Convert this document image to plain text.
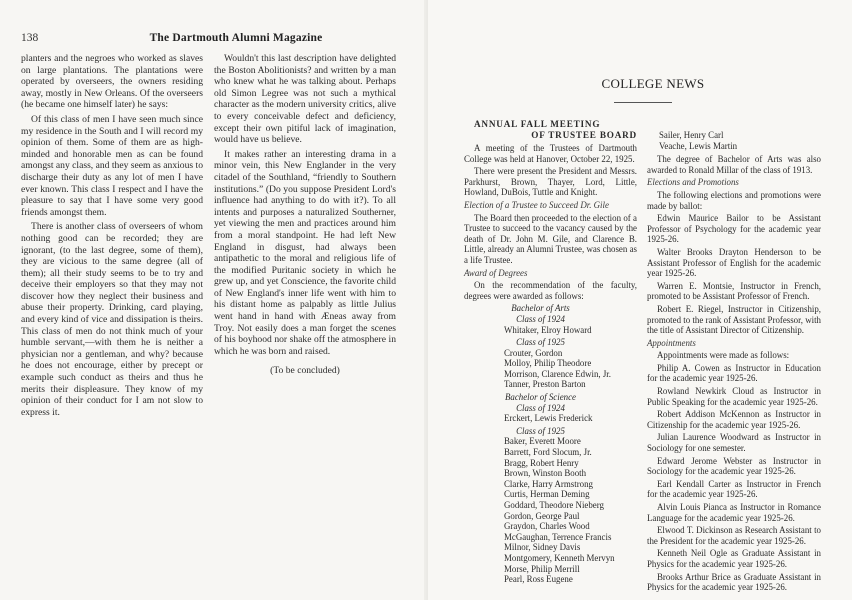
138	The Dartmouth Alumni Magazine

planters and the negroes who worked as slaves on large plantations. The plantations were operated by overseers, the owners residing away, mostly in New Orleans. Of the overseers (he became one himself later) he says:

Of this class of men I have seen much since my residence in the South and I will record my opinion of them. Some of them are as high-minded and honorable men as can be found amongst any class, and they seem as anxious to discharge their duty as any lot of men I have ever known. This class I respect and I have the pleasure to say that I have some very good friends amongst them.

There is another class of overseers of whom nothing good can be recorded; they are ignorant, (to the last degree, some of them), they are vicious to the same degree (all of them); all their study seems to be to try and deceive their employers so that they may not discover how they neglect their business and abuse their property. Drinking, card playing, and every kind of vice and dissipation is theirs. This class of men do not think much of your humble servant,—with them he is neither a physician nor a gentleman, and why? because he does not encourage, either by precept or example such conduct as theirs and thus he merits their displeasure. They know of my opinion of their conduct for I am not slow to express it.

Wouldn't this last description have delighted the Boston Abolitionists? and written by a man who knew what he was talking about. Perhaps old Simon Legree was not such a mythical character as the modern university critics, alive to every conceivable defect and deficiency, except their own pitiful lack of imagination, would have us believe.

It makes rather an interesting drama in a minor vein, this New Englander in the very citadel of the Southland, “friendly to Southern institutions.” (Do you suppose President Lord's influence had anything to do with it?). To all intents and purposes a naturalized Southerner, yet viewing the men and practices around him from a moral standpoint. He had left New England in disgust, had always been antipathetic to the moral and religious life of the modified Puritanic society in which he grew up, and yet Conscience, the favorite child of New England's inner life went with him to his distant home as palpably as little Julius went hand in hand with Æneas away from Troy. Not easily does a man forget the scenes of his boyhood nor shake off the atmosphere in which he was born and raised.

(To be concluded)

COLLEGE NEWS

ANNUAL FALL MEETING
OF TRUSTEE BOARD

A meeting of the Trustees of Dartmouth College was held at Hanover, October 22, 1925.

There were present the President and Messrs. Parkhurst, Brown, Thayer, Lord, Little, Howland, DuBois, Tuttle and Knight.

Election of a Trustee to Succeed Dr. Gile

The Board then proceeded to the election of a Trustee to succeed to the vacancy caused by the death of Dr. John M. Gile, and Clarence B. Little, already an Alumni Trustee, was chosen as a life Trustee.

Award of Degrees

On the recommendation of the faculty, degrees were awarded as follows:

Bachelor of Arts
Class of 1924
Whitaker, Elroy Howard
Class of 1925
Crouter, Gordon
Molloy, Philip Theodore
Morrison, Clarence Edwin, Jr.
Tanner, Preston Barton
Bachelor of Science
Class of 1924
Erckert, Lewis Frederick
Class of 1925
Baker, Everett Moore
Barrett, Ford Slocum, Jr.
Bragg, Robert Henry
Brown, Winston Booth
Clarke, Harry Armstrong
Curtis, Herman Deming
Goddard, Theodore Nieberg
Gordon, George Paul
Graydon, Charles Wood
McGaughan, Terrence Francis
Milnor, Sidney Davis
Montgomery, Kenneth Mervyn
Morse, Philip Merrill
Pearl, Ross Eugene
Sailer, Henry Carl
Veache, Lewis Martin

The degree of Bachelor of Arts was also awarded to Ronald Millar of the class of 1913.

Elections and Promotions

The following elections and promotions were made by ballot:

Edwin Maurice Bailor to be Assistant Professor of Psychology for the academic year 1925-26.

Walter Brooks Drayton Henderson to be Assistant Professor of English for the academic year 1925-26.

Warren E. Montsie, Instructor in French, promoted to be Assistant Professor of French.

Robert E. Riegel, Instructor in Citizenship, promoted to the rank of Assistant Professor, with the title of Assistant Director of Citizenship.

Appointments

Appointments were made as follows:

Philip A. Cowen as Instructor in Education for the academic year 1925-26.

Rowland Newkirk Cloud as Instructor in Public Speaking for the academic year 1925-26.

Robert Addison McKennon as Instructor in Citizenship for the academic year 1925-26.

Julian Laurence Woodward as Instructor in Sociology for one semester.

Edward Jerome Webster as Instructor in Sociology for the academic year 1925-26.

Earl Kendall Carter as Instructor in French for the academic year 1925-26.

Alvin Louis Pianca as Instructor in Romance Language for the academic year 1925-26.

Elwood T. Dickinson as Research Assistant to the President for the academic year 1925-26.

Kenneth Neil Ogle as Graduate Assistant in Physics for the academic year 1925-26.

Brooks Arthur Brice as Graduate Assistant in Physics for the academic year 1925-26.
